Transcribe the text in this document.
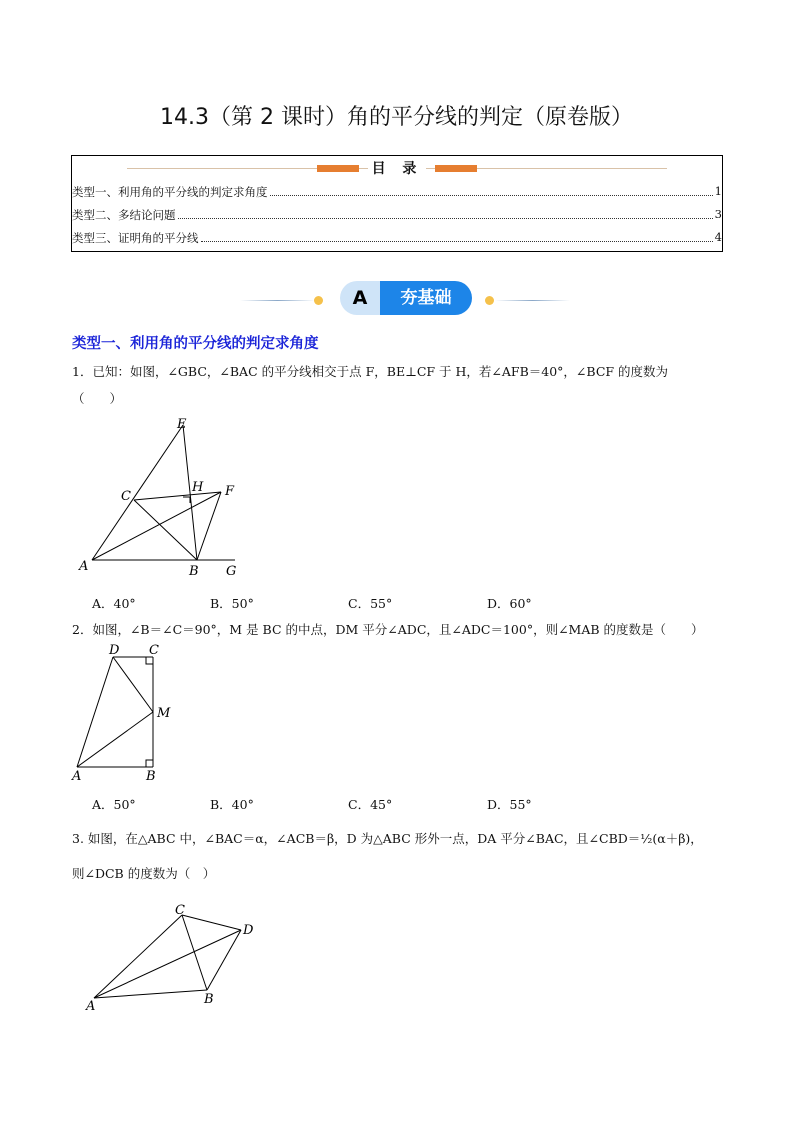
14.3（第 2 课时）角的平分线的判定（原卷版）
目 录
类型一、利用角的平分线的判定求角度	1
类型二、多结论问题	3
类型三、证明角的平分线	4
A	夯基础
类型一、利用角的平分线的判定求角度
1．已知：如图，∠GBC，∠BAC 的平分线相交于点 F，BE⊥CF 于 H，若∠AFB＝40°，∠BCF 的度数为
（　　）
E
C
H F
A	B G
D C
M
A	B
C
D
A	B
A．40°	B．50°	C．55°	D．60°
2．如图，∠B＝∠C＝90°，M 是 BC 的中点，DM 平分∠ADC，且∠ADC＝100°，则∠MAB 的度数是（　　）
A．50°	B．40°	C．45°	D．55°
3. 如图，在△ABC 中，∠BAC＝α，∠ACB＝β，D 为△ABC 形外一点，DA 平分∠BAC，且∠CBD＝½(α＋β)，
则∠DCB 的度数为（　）
